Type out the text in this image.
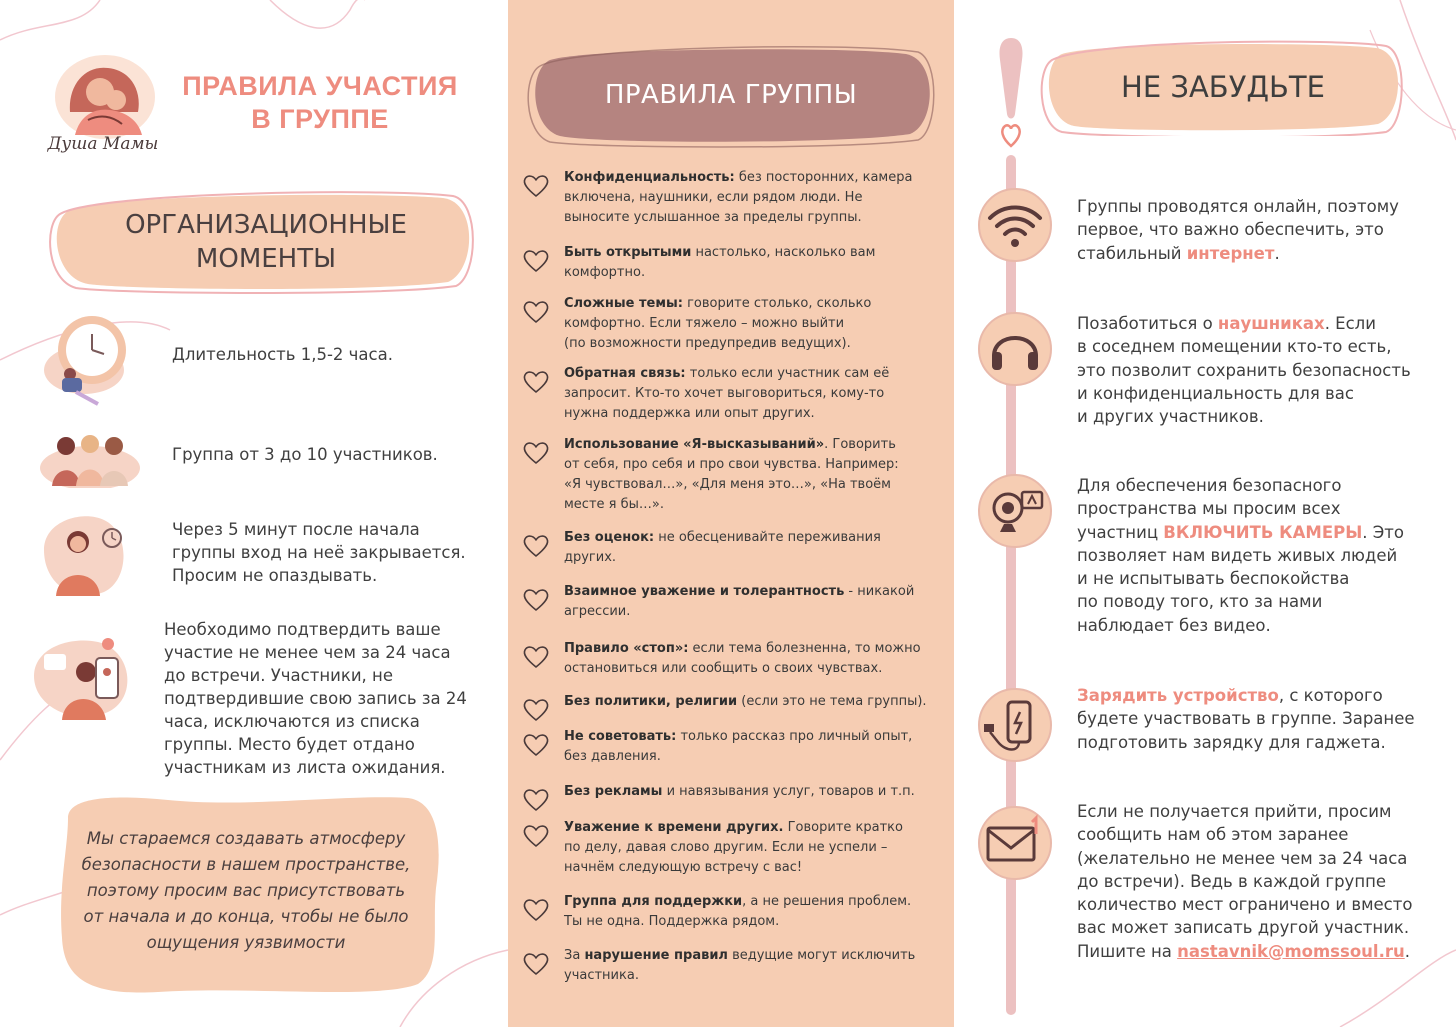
Душа Мамы
ПРАВИЛА УЧАСТИЯ
В ГРУППЕ
ОРГАНИЗАЦИОННЫЕ
МОМЕНТЫ
Длительность 1,5-2 часа.
Группа от 3 до 10 участников.
Через 5 минут после начала
группы вход на неё закрывается.
Просим не опаздывать.
Необходимо подтвердить ваше
участие не менее чем за 24 часа
до встречи. Участники, не
подтвердившие свою запись за 24
часа, исключаются из списка
группы. Место будет отдано
участникам из листа ожидания.
Мы стараемся создавать атмосферу
безопасности в нашем пространстве,
поэтому просим вас присутствовать
от начала и до конца, чтобы не было
ощущения уязвимости
ПРАВИЛА ГРУППЫ
Конфиденциальность: без посторонних, камера
включена, наушники, если рядом люди. Не
выносите услышанное за пределы группы.
Быть открытыми настолько, насколько вам
комфортно.
Сложные темы: говорите столько, сколько
комфортно. Если тяжело – можно выйти
(по возможности предупредив ведущих).
Обратная связь: только если участник сам её
запросит. Кто-то хочет выговориться, кому-то
нужна поддержка или опыт других.
Использование «Я-высказываний». Говорить
от себя, про себя и про свои чувства. Например:
«Я чувствовал…», «Для меня это…», «На твоём
месте я бы…».
Без оценок: не обесценивайте переживания
других.
Взаимное уважение и толерантность - никакой
агрессии.
Правило «стоп»: если тема болезненна, то можно
остановиться или сообщить о своих чувствах.
Без политики, религии (если это не тема группы).
Не советовать: только рассказ про личный опыт,
без давления.
Без рекламы и навязывания услуг, товаров и т.п.
Уважение к времени других. Говорите кратко
по делу, давая слово другим. Если не успели –
начнём следующую встречу с вас!
Группа для поддержки, а не решения проблем.
Ты не одна. Поддержка рядом.
За нарушение правил ведущие могут исключить
участника.
НЕ ЗАБУДЬТЕ
Группы проводятся онлайн, поэтому
первое, что важно обеспечить, это
стабильный интернет.
Позаботиться о наушниках. Если
в соседнем помещении кто-то есть,
это позволит сохранить безопасность
и конфиденциальность для вас
и других участников.
Для обеспечения безопасного
пространства мы просим всех
участниц ВКЛЮЧИТЬ КАМЕРЫ. Это
позволяет нам видеть живых людей
и не испытывать беспокойства
по поводу того, кто за нами
наблюдает без видео.
Зарядить устройство, с которого
будете участвовать в группе. Заранее
подготовить зарядку для гаджета.
Если не получается прийти, просим
сообщить нам об этом заранее
(желательно не менее чем за 24 часа
до встречи). Ведь в каждой группе
количество мест ограничено и вместо
вас может записать другой участник.
Пишите на nastavnik@momssoul.ru.
